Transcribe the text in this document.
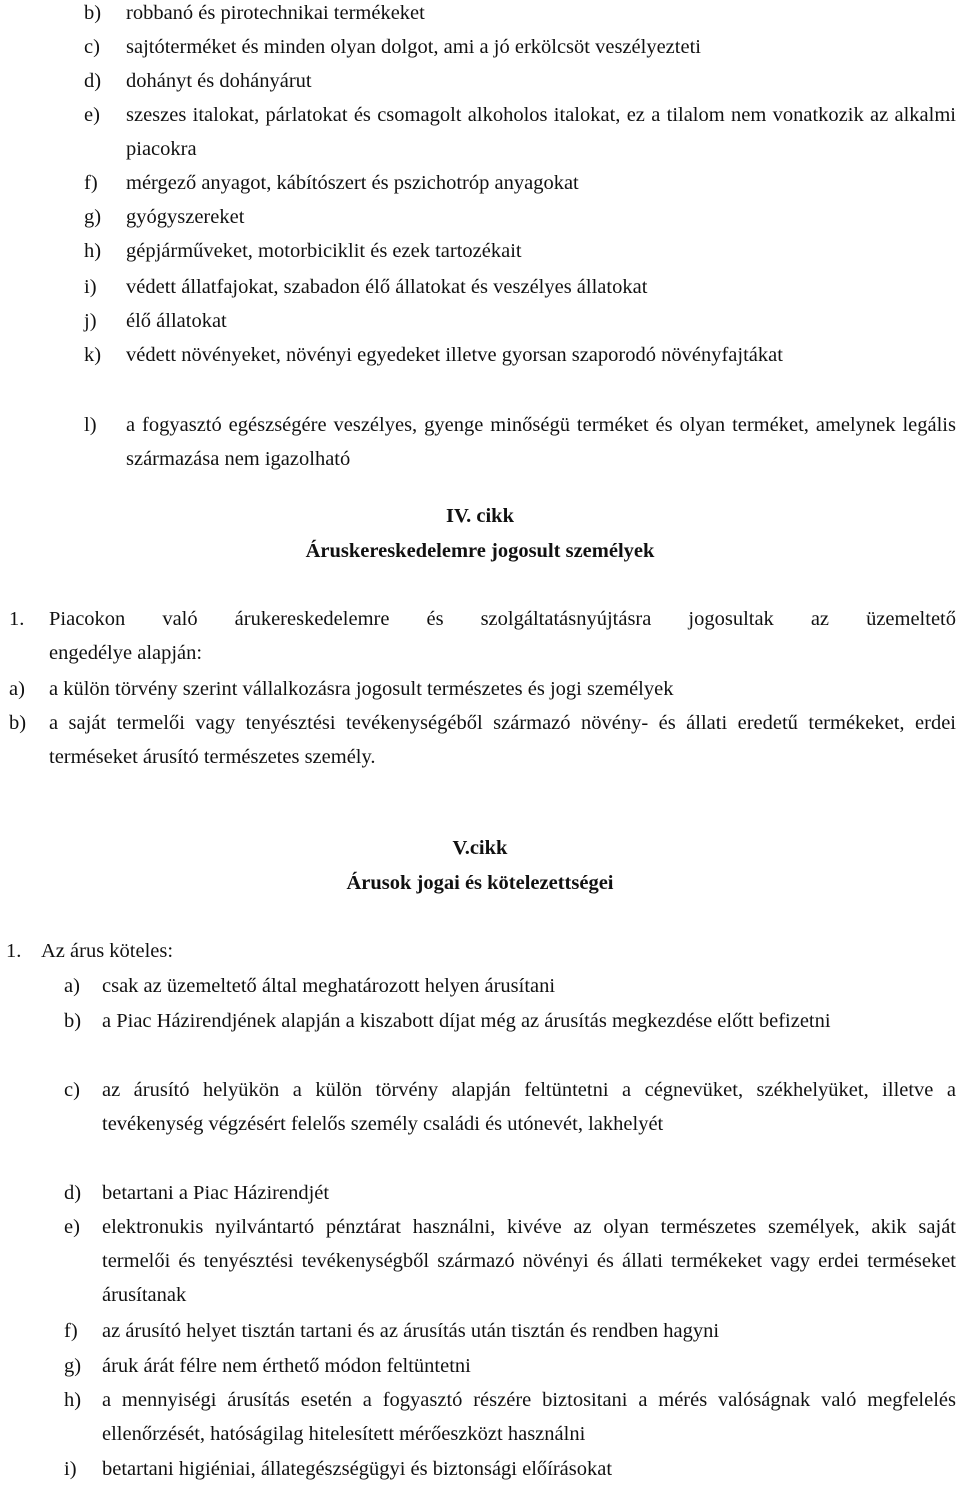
b)	robbanó és pirotechnikai termékeket
c)	sajtóterméket és minden olyan dolgot, ami a jó erkölcsöt veszélyezteti
d)	dohányt és dohányárut
e)	szeszes italokat, párlatokat és csomagolt alkoholos italokat, ez a tilalom nem vonatkozik az alkalmi piacokra
f)	mérgező anyagot, kábítószert és pszichotróp anyagokat
g)	gyógyszereket
h)	gépjárműveket, motorbiciklit és ezek tartozékait
i)	védett állatfajokat, szabadon élő állatokat és veszélyes állatokat
j)	élő állatokat
k)	védett növényeket, növényi egyedeket illetve gyorsan szaporodó növényfajtákat
l)	a fogyasztó egészségére veszélyes, gyenge minőségü terméket és olyan terméket, amelynek legális származása nem igazolható
IV. cikk
Áruskereskedelemre jogosult személyek
1. Piacokon való árukereskedelemre és szolgáltatásnyújtásra jogosultak az üzemeltető
engedélye alapján:
a)	a külön törvény szerint vállalkozásra jogosult természetes és jogi személyek
b)	a saját termelői vagy tenyésztési tevékenységéből származó növény- és állati eredetű termékeket, erdei terméseket árusító természetes személy.
V.cikk
Árusok jogai és kötelezettségei
1. Az árus köteles:
a)	csak az üzemeltető által meghatározott helyen árusítani
b)	a Piac Házirendjének alapján a kiszabott díjat még az árusítás megkezdése előtt befizetni
c)	az árusító helyükön a külön törvény alapján feltüntetni a cégnevüket, székhelyüket, illetve a tevékenység végzésért felelős személy családi és utónevét, lakhelyét
d)	betartani a Piac Házirendjét
e)	elektronukis nyilvántartó pénztárat használni, kivéve az olyan természetes személyek, akik saját termelői és tenyésztési tevékenységből származó növényi és állati termékeket vagy erdei terméseket árusítanak
f)	az árusító helyet tisztán tartani és az árusítás után tisztán és rendben hagyni
g)	áruk árát félre nem érthető módon feltüntetni
h)	a mennyiségi árusítás esetén a fogyasztó részére biztositani a mérés valóságnak való megfelelés ellenőrzését, hatóságilag hitelesített mérőeszközt használni
i)	betartani higiéniai, állategészségügyi és biztonsági előírásokat
